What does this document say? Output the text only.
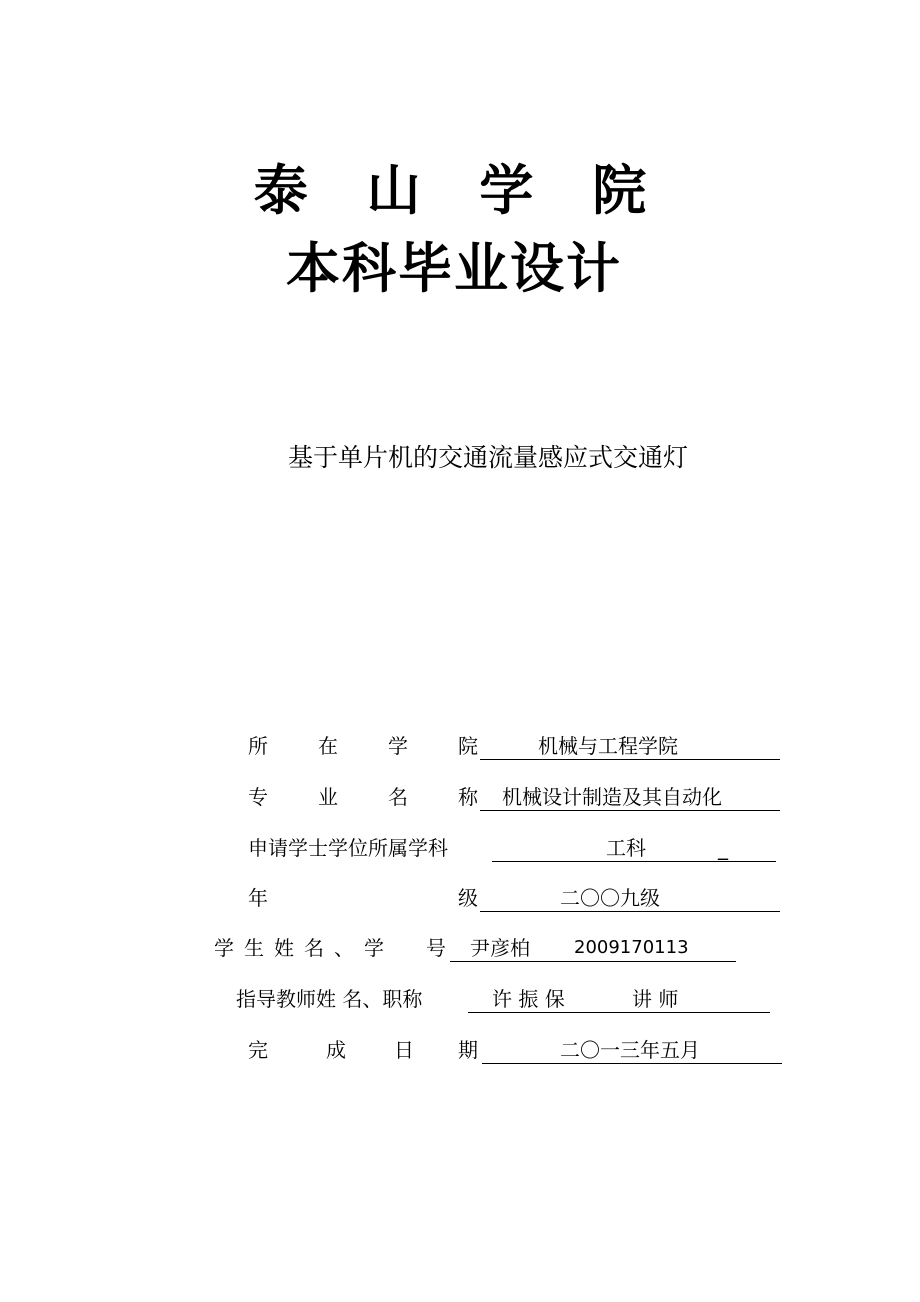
泰 山 学 院
本科毕业设计
基于单片机的交通流量感应式交通灯
所	在	学	院	机械与工程学院
专	业	名	称 机械设计制造及其自动化
申请学士学位所属学科	工科	_
年	级	二〇〇九级
学 生 姓 名 、 学 号 尹彦柏 2009170113
指导教师姓 名、职称	许 振 保	讲 师
完	成 日 期	二〇一三年五月
